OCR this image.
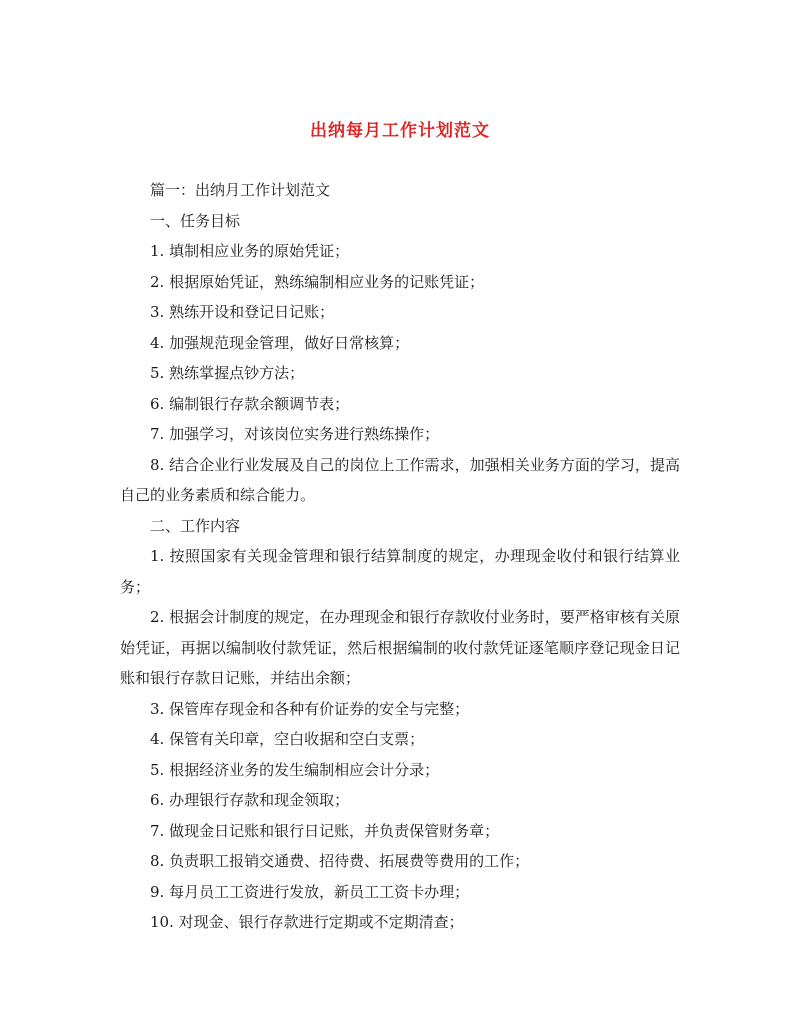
出纳每月工作计划范文

篇一：出纳月工作计划范文

一、任务目标

1. 填制相应业务的原始凭证；

2. 根据原始凭证，熟练编制相应业务的记账凭证；

3. 熟练开设和登记日记账；

4. 加强规范现金管理，做好日常核算；

5. 熟练掌握点钞方法；

6. 编制银行存款余额调节表；

7. 加强学习，对该岗位实务进行熟练操作；

8. 结合企业行业发展及自己的岗位上工作需求，加强相关业务方面的学习，提高自己的业务素质和综合能力。

二、工作内容

1. 按照国家有关现金管理和银行结算制度的规定，办理现金收付和银行结算业务；

2. 根据会计制度的规定，在办理现金和银行存款收付业务时，要严格审核有关原始凭证，再据以编制收付款凭证，然后根据编制的收付款凭证逐笔顺序登记现金日记账和银行存款日记账，并结出余额；

3. 保管库存现金和各种有价证券的安全与完整；

4. 保管有关印章，空白收据和空白支票；

5. 根据经济业务的发生编制相应会计分录；

6. 办理银行存款和现金领取；

7. 做现金日记账和银行日记账，并负责保管财务章；

8. 负责职工报销交通费、招待费、拓展费等费用的工作；

9. 每月员工工资进行发放，新员工工资卡办理；

10. 对现金、银行存款进行定期或不定期清查；
